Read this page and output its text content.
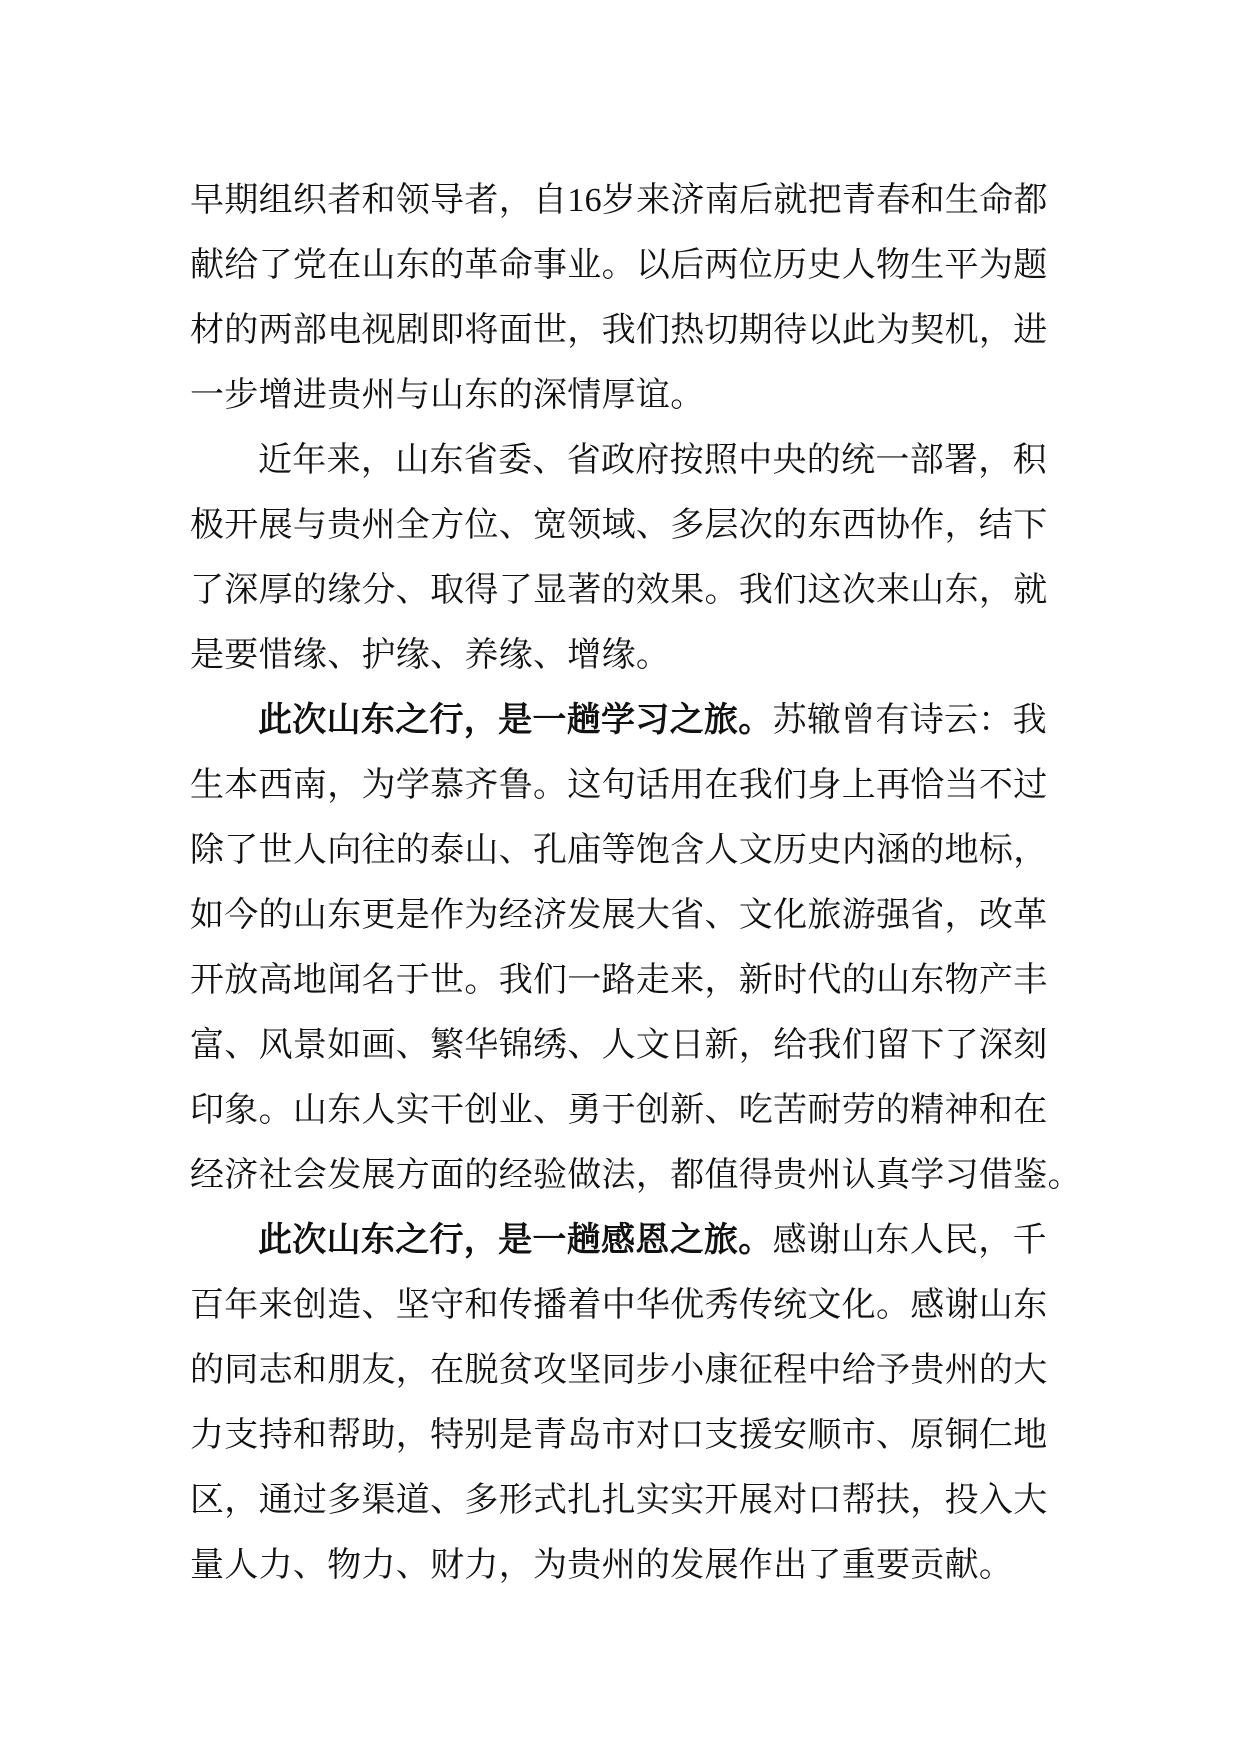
早期组织者和领导者，自16岁来济南后就把青春和生命都
献给了党在山东的革命事业。以后两位历史人物生平为题
材的两部电视剧即将面世，我们热切期待以此为契机，进
一步增进贵州与山东的深情厚谊。
近年来，山东省委、省政府按照中央的统一部署，积
极开展与贵州全方位、宽领域、多层次的东西协作，结下
了深厚的缘分、取得了显著的效果。我们这次来山东，就
是要惜缘、护缘、养缘、增缘。
此次山东之行，是一趟学习之旅。苏辙曾有诗云：我
生本西南，为学慕齐鲁。这句话用在我们身上再恰当不过
除了世人向往的泰山、孔庙等饱含人文历史内涵的地标，
如今的山东更是作为经济发展大省、文化旅游强省，改革
开放高地闻名于世。我们一路走来，新时代的山东物产丰
富、风景如画、繁华锦绣、人文日新，给我们留下了深刻
印象。山东人实干创业、勇于创新、吃苦耐劳的精神和在
经济社会发展方面的经验做法，都值得贵州认真学习借鉴。
此次山东之行，是一趟感恩之旅。感谢山东人民，千
百年来创造、坚守和传播着中华优秀传统文化。感谢山东
的同志和朋友，在脱贫攻坚同步小康征程中给予贵州的大
力支持和帮助，特别是青岛市对口支援安顺市、原铜仁地
区，通过多渠道、多形式扎扎实实开展对口帮扶，投入大
量人力、物力、财力，为贵州的发展作出了重要贡献。
